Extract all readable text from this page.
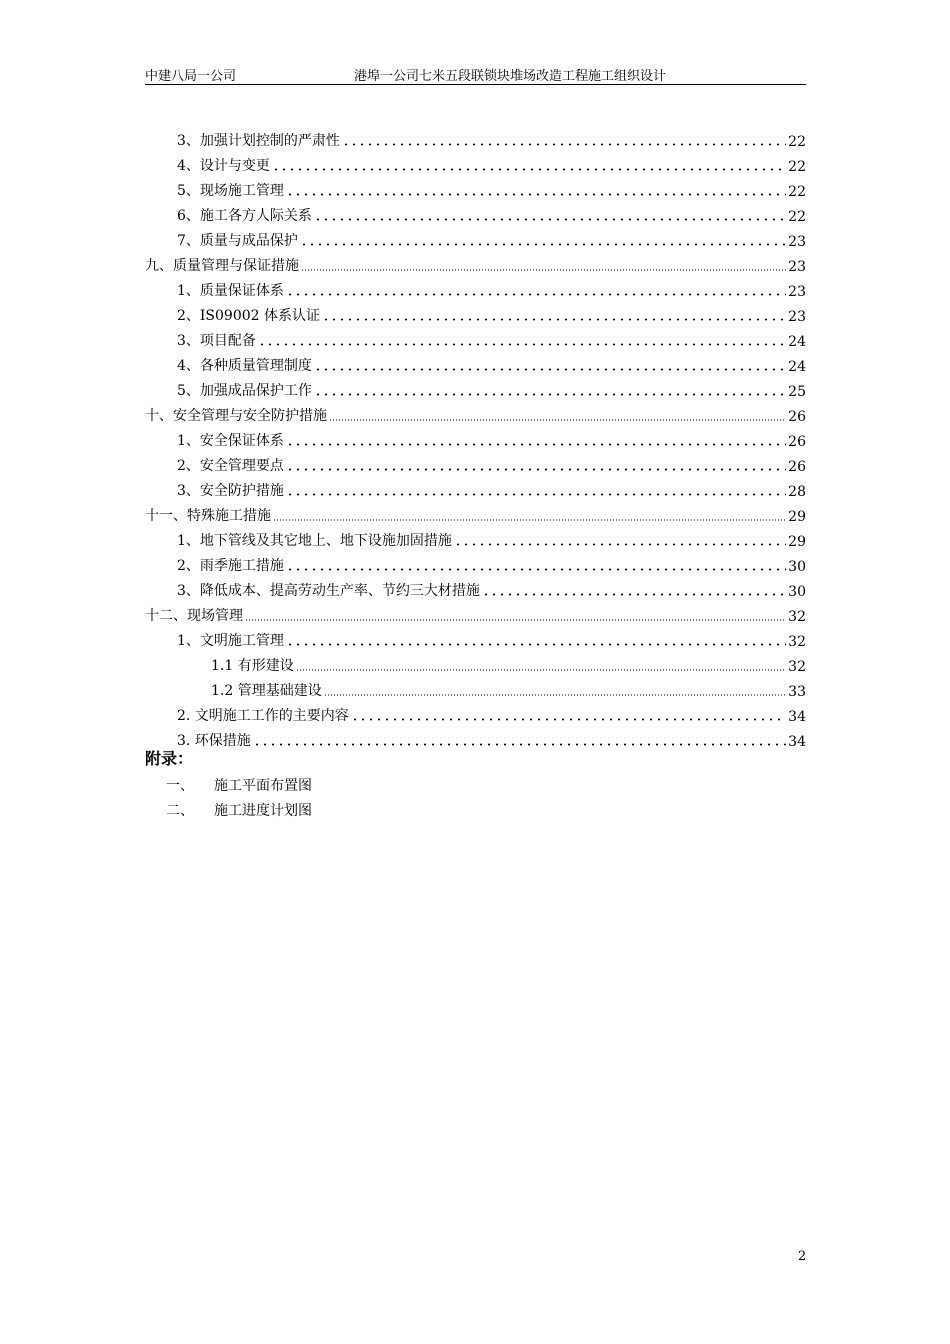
中建八局一公司	港埠一公司七米五段联锁块堆场改造工程施工组织设计
3、加强计划控制的严肃性	22
4、设计与变更	22
5、现场施工管理	22
6、施工各方人际关系	22
7、质量与成品保护	23
九、质量管理与保证措施	23
1、质量保证体系	23
2、IS09002 体系认证	23
3、项目配备	24
4、各种质量管理制度	24
5、加强成品保护工作	25
十、安全管理与安全防护措施	26
1、安全保证体系	26
2、安全管理要点	26
3、安全防护措施	28
十一、特殊施工措施	29
1、地下管线及其它地上、地下设施加固措施	29
2、雨季施工措施	30
3、降低成本、提高劳动生产率、节约三大材措施	30
十二、现场管理	32
1、文明施工管理	32
1.1 有形建设	32
1.2 管理基础建设	33
2. 文明施工工作的主要内容	34
3. 环保措施	34
附录：
一、 施工平面布置图
二、 施工进度计划图
2
